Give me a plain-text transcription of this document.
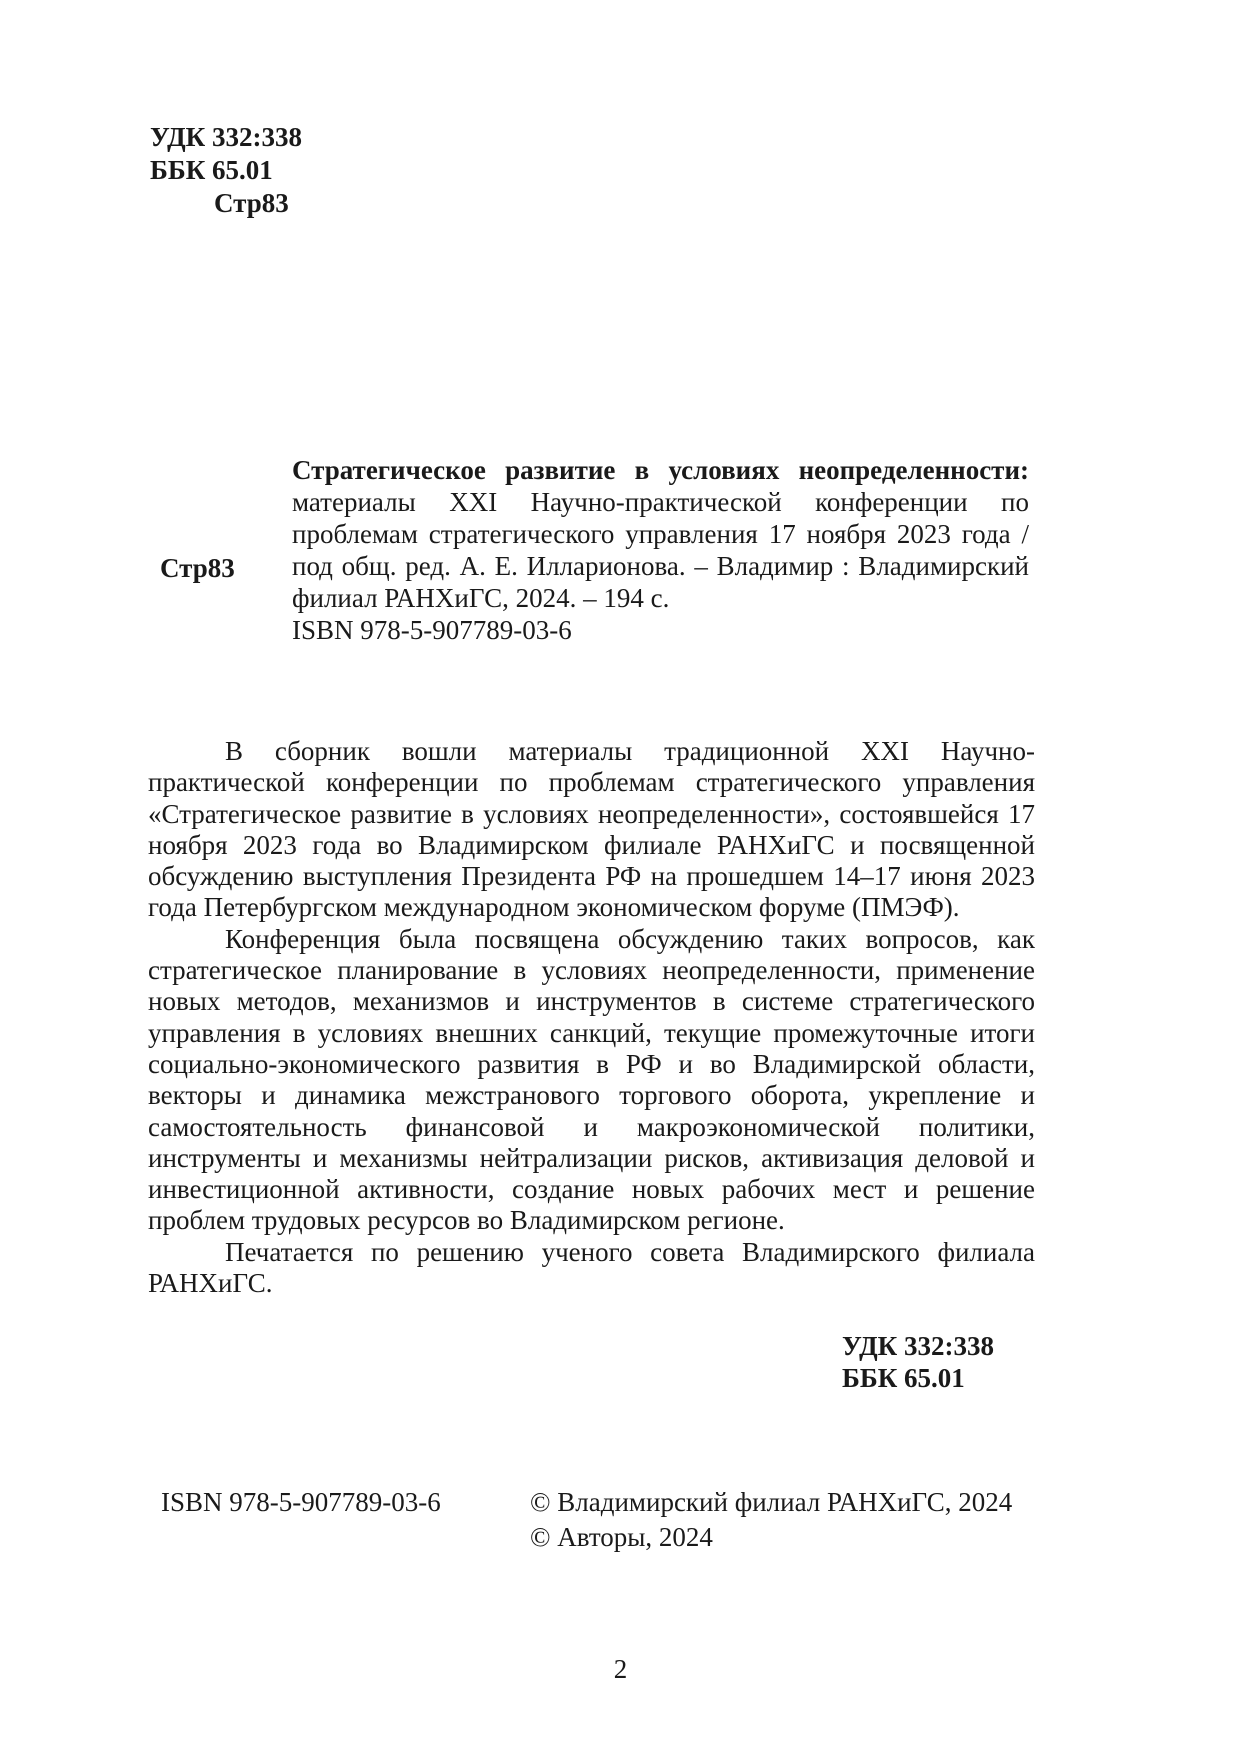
УДК 332:338
ББК 65.01
Стр83
Стр83
Стратегическое развитие в условиях неопределенности:
материалы XXI Научно-практической конференции по
проблемам стратегического управления 17 ноября 2023 года /
под общ. ред. А. Е. Илларионова. – Владимир : Владимирский
филиал РАНХиГС, 2024. – 194 с.
ISBN 978-5-907789-03-6

В сборник вошли материалы традиционной XXI Научно-практической конференции по проблемам стратегического управления «Стратегическое развитие в условиях неопределенности», состоявшейся 17 ноября 2023 года во Владимирском филиале РАНХиГС и посвященной обсуждению выступления Президента РФ на прошедшем 14–17 июня 2023 года Петербургском международном экономическом форуме (ПМЭФ).

Конференция была посвящена обсуждению таких вопросов, как стратегическое планирование в условиях неопределенности, применение новых методов, механизмов и инструментов в системе стратегического управления в условиях внешних санкций, текущие промежуточные итоги социально-экономического развития в РФ и во Владимирской области, векторы и динамика межстранового торгового оборота, укрепление и самостоятельность финансовой и макроэкономической политики, инструменты и механизмы нейтрализации рисков, активизация деловой и инвестиционной активности, создание новых рабочих мест и решение проблем трудовых ресурсов во Владимирском регионе.

Печатается по решению ученого совета Владимирского филиала РАНХиГС.

УДК 332:338
ББК 65.01
ISBN 978-5-907789-03-6	© Владимирский филиал РАНХиГС, 2024
© Авторы, 2024
2
